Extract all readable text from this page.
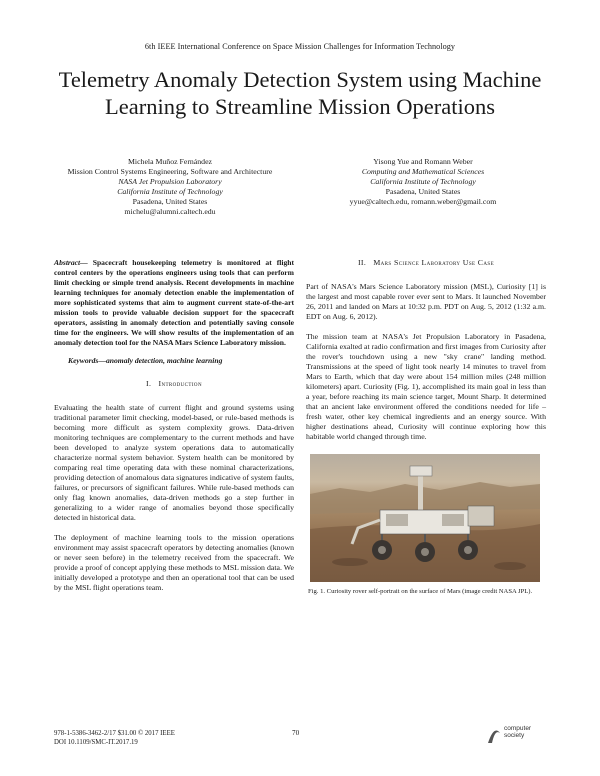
6th IEEE International Conference on Space Mission Challenges for Information Technology
Telemetry Anomaly Detection System using Machine Learning to Streamline Mission Operations
Michela Muñoz Fernández
Mission Control Systems Engineering, Software and Architecture
NASA Jet Propulsion Laboratory
California Institute of Technology
Pasadena, United States
michelu@alumni.caltech.edu
Yisong Yue and Romann Weber
Computing and Mathematical Sciences
California Institute of Technology
Pasadena, United States
yyue@caltech.edu, romann.weber@gmail.com

Abstract— Spacecraft housekeeping telemetry is monitored at flight control centers by the operations engineers using tools that can perform limit checking or simple trend analysis. Recent developments in machine learning techniques for anomaly detection enable the implementation of more sophisticated systems that aim to augment current state-of-the-art mission tools to provide valuable decision support for the spacecraft operators, assisting in anomaly detection and potentially saving console time for the engineers. We will show results of the implementation of an anomaly detection tool for the NASA Mars Science Laboratory mission.

Keywords—anomaly detection, machine learning

I. Introduction

Evaluating the health state of current flight and ground systems using traditional parameter limit checking, model-based, or rule-based methods is becoming more difficult as system complexity grows. Data-driven monitoring techniques are complementary to the current methods and have been developed to analyze system operations data to automatically characterize normal system behavior. System health can be monitored by comparing real time operating data with these nominal characterizations, providing detection of anomalous data signatures indicative of system faults, failures, or precursors of significant failures. While rule-based methods can only flag known anomalies, data-driven methods go a step further in generalizing to a wider range of anomalies beyond those specifically detected in historical data.

The deployment of machine learning tools to the mission operations environment may assist spacecraft operators by detecting anomalies (known or never seen before) in the telemetry received from the spacecraft. We provide a proof of concept applying these methods to MSL mission data. We initially developed a prototype and then an operational tool that can be used by the MSL flight operations team.

II. Mars Science Laboratory Use Case

Part of NASA's Mars Science Laboratory mission (MSL), Curiosity [1] is the largest and most capable rover ever sent to Mars. It launched November 26, 2011 and landed on Mars at 10:32 p.m. PDT on Aug. 5, 2012 (1:32 a.m. EDT on Aug. 6, 2012).

The mission team at NASA's Jet Propulsion Laboratory in Pasadena, California exalted at radio confirmation and first images from Curiosity after the rover's touchdown using a new "sky crane" landing method. Transmissions at the speed of light took nearly 14 minutes to travel from Mars to Earth, which that day were about 154 million miles (248 million kilometers) apart. Curiosity (Fig. 1), accomplished its main goal in less than a year, before reaching its main science target, Mount Sharp. It determined that an ancient lake environment offered the conditions needed for life – fresh water, other key chemical ingredients and an energy source. With higher destinations ahead, Curiosity will continue exploring how this habitable world changed through time.

Fig. 1. Curiosity rover self-portrait on the surface of Mars (image credit NASA JPL).
978-1-5386-3462-2/17 $31.00 © 2017 IEEE
DOI 10.1109/SMC-IT.2017.19
70
computer
society
